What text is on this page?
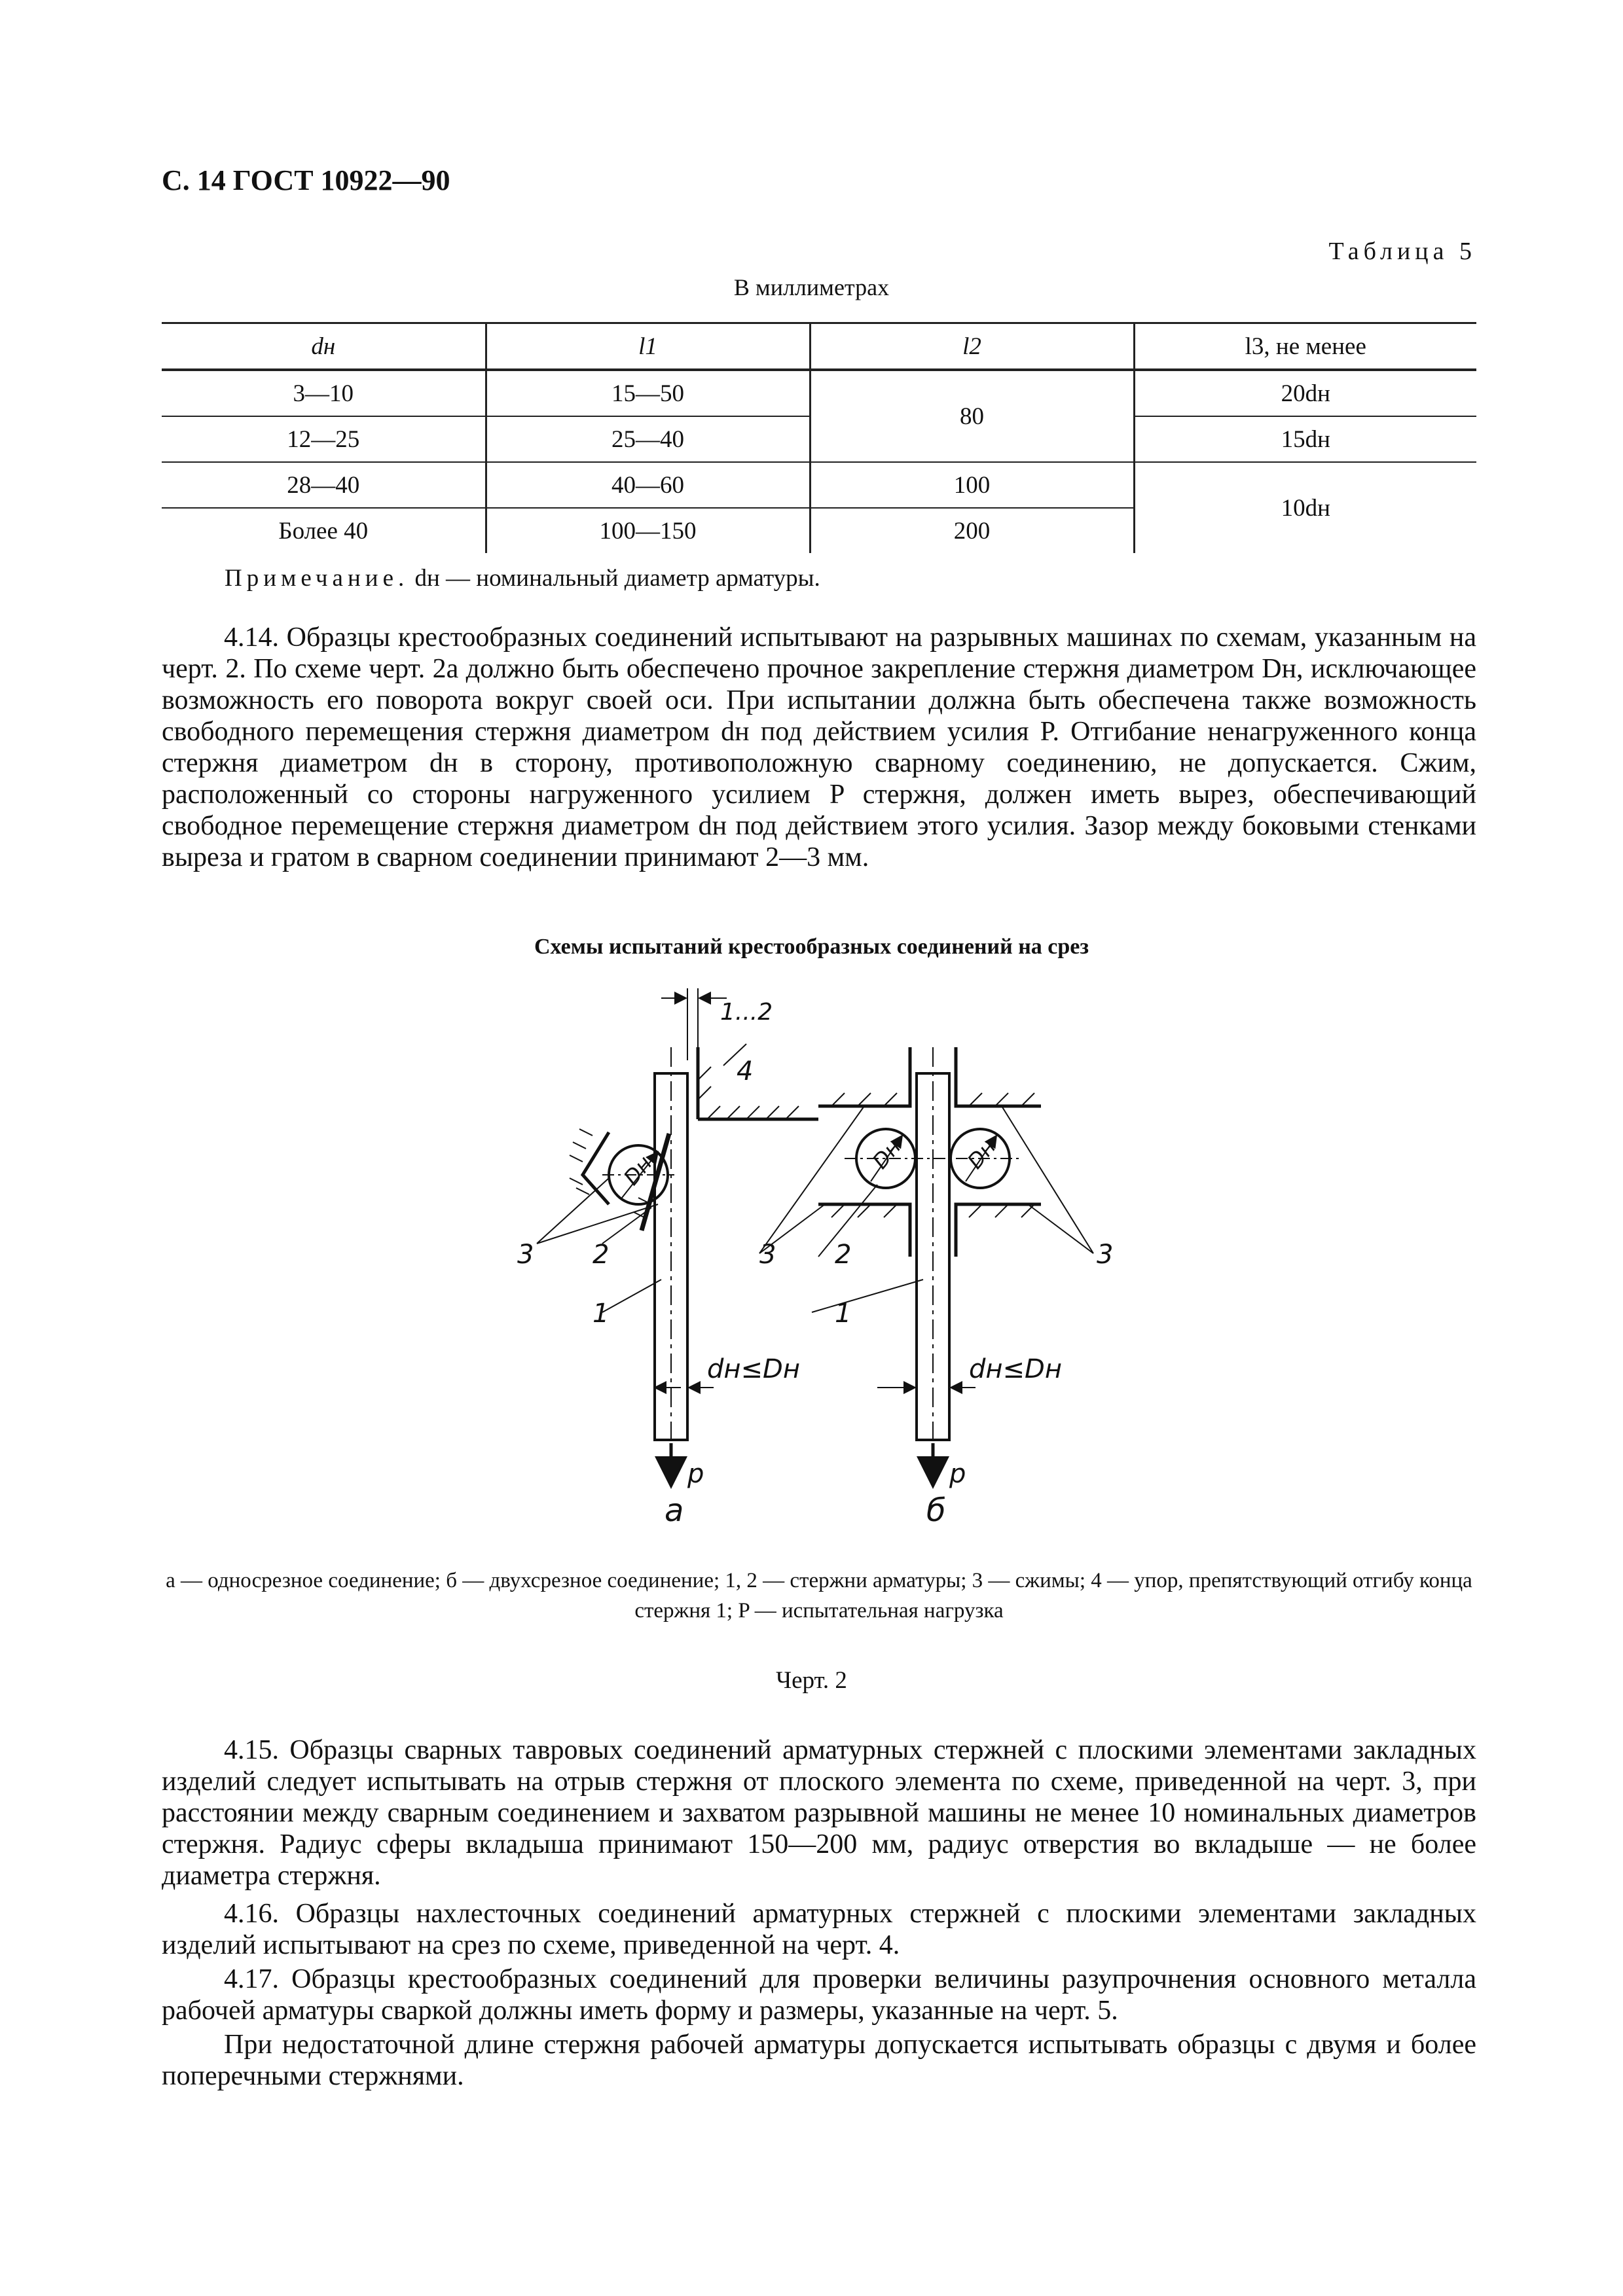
С. 14 ГОСТ 10922—90
Таблица 5
В миллиметрах
dн	l1	l2	l3, не менее
3—10	15—50	80	20dн
12—25	25—40		15dн
28—40	40—60	100	10dн
Более 40	100—150	200	
Примечание. dн — номинальный диаметр арматуры.

4.14. Образцы крестообразных соединений испытывают на разрывных машинах по схемам, указанным на черт. 2. По схеме черт. 2а должно быть обеспечено прочное закрепление стержня диаметром Dн, исключающее возможность его поворота вокруг своей оси. При испытании должна быть обеспечена также возможность свободного перемещения стержня диаметром dн под действием усилия P. Отгибание ненагруженного конца стержня диаметром dн в сторону, противоположную сварному соединению, не допускается. Сжим, расположенный со стороны нагруженного усилием P стержня, должен иметь вырез, обеспечивающий свободное перемещение стержня диаметром dн под действием этого усилия. Зазор между боковыми стенками выреза и гратом в сварном соединении принимают 2—3 мм.

Схемы испытаний крестообразных соединений на срез
1...2
4
Dн	Dн	Dн
3 2
1
dн≤Dн
p
3 2	3
1
dн≤Dн
p
а	б
а — односрезное соединение; б — двухсрезное соединение; 1, 2 — стержни арматуры; 3 — сжимы; 4 — упор, препятствующий отгибу конца стержня 1; P — испытательная нагрузка
Черт. 2

4.15. Образцы сварных тавровых соединений арматурных стержней с плоскими элементами закладных изделий следует испытывать на отрыв стержня от плоского элемента по схеме, приведенной на черт. 3, при расстоянии между сварным соединением и захватом разрывной машины не менее 10 номинальных диаметров стержня. Радиус сферы вкладыша принимают 150—200 мм, радиус отверстия во вкладыше — не более диаметра стержня.

4.16. Образцы нахлесточных соединений арматурных стержней с плоскими элементами закладных изделий испытывают на срез по схеме, приведенной на черт. 4.

4.17. Образцы крестообразных соединений для проверки величины разупрочнения основного металла рабочей арматуры сваркой должны иметь форму и размеры, указанные на черт. 5.

При недостаточной длине стержня рабочей арматуры допускается испытывать образцы с двумя и более поперечными стержнями.
